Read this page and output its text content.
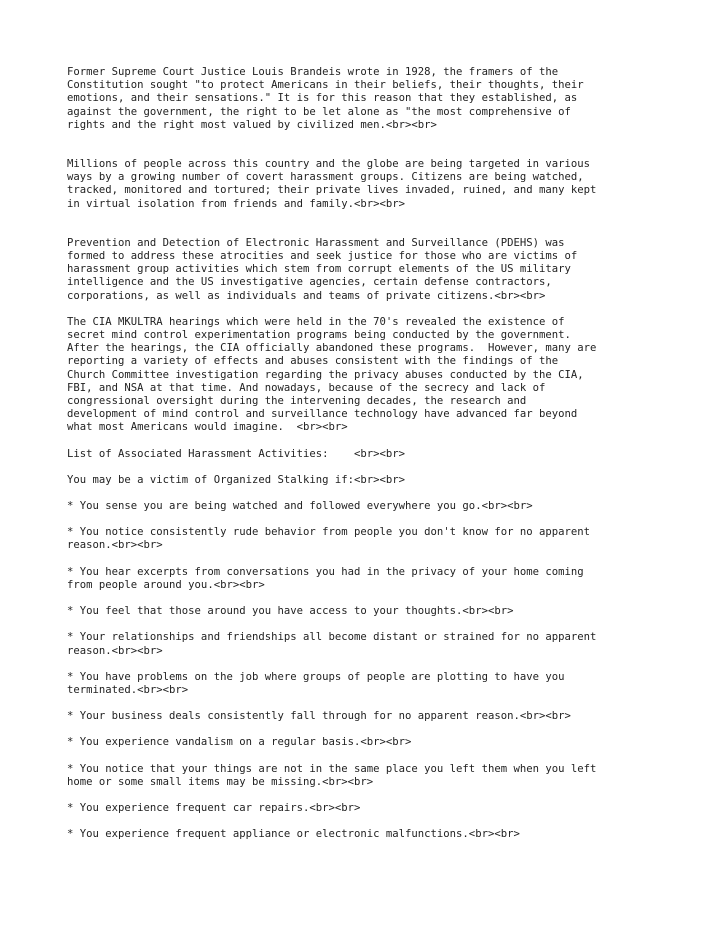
Former Supreme Court Justice Louis Brandeis wrote in 1928, the framers of the
Constitution sought "to protect Americans in their beliefs, their thoughts, their
emotions, and their sensations." It is for this reason that they established, as
against the government, the right to be let alone as "the most comprehensive of
rights and the right most valued by civilized men.<br><br>

Millions of people across this country and the globe are being targeted in various
ways by a growing number of covert harassment groups. Citizens are being watched,
tracked, monitored and tortured; their private lives invaded, ruined, and many kept
in virtual isolation from friends and family.<br><br>

Prevention and Detection of Electronic Harassment and Surveillance (PDEHS) was
formed to address these atrocities and seek justice for those who are victims of
harassment group activities which stem from corrupt elements of the US military
intelligence and the US investigative agencies, certain defense contractors,
corporations, as well as individuals and teams of private citizens.<br><br>

The CIA MKULTRA hearings which were held in the 70's revealed the existence of
secret mind control experimentation programs being conducted by the government.
After the hearings, the CIA officially abandoned these programs.  However, many are
reporting a variety of effects and abuses consistent with the findings of the
Church Committee investigation regarding the privacy abuses conducted by the CIA,
FBI, and NSA at that time. And nowadays, because of the secrecy and lack of
congressional oversight during the intervening decades, the research and
development of mind control and surveillance technology have advanced far beyond
what most Americans would imagine.  <br><br>

List of Associated Harassment Activities:    <br><br>

You may be a victim of Organized Stalking if:<br><br>

* You sense you are being watched and followed everywhere you go.<br><br>

* You notice consistently rude behavior from people you don't know for no apparent
reason.<br><br>

* You hear excerpts from conversations you had in the privacy of your home coming
from people around you.<br><br>

* You feel that those around you have access to your thoughts.<br><br>

* Your relationships and friendships all become distant or strained for no apparent
reason.<br><br>

* You have problems on the job where groups of people are plotting to have you
terminated.<br><br>

* Your business deals consistently fall through for no apparent reason.<br><br>

* You experience vandalism on a regular basis.<br><br>

* You notice that your things are not in the same place you left them when you left
home or some small items may be missing.<br><br>

* You experience frequent car repairs.<br><br>

* You experience frequent appliance or electronic malfunctions.<br><br>
